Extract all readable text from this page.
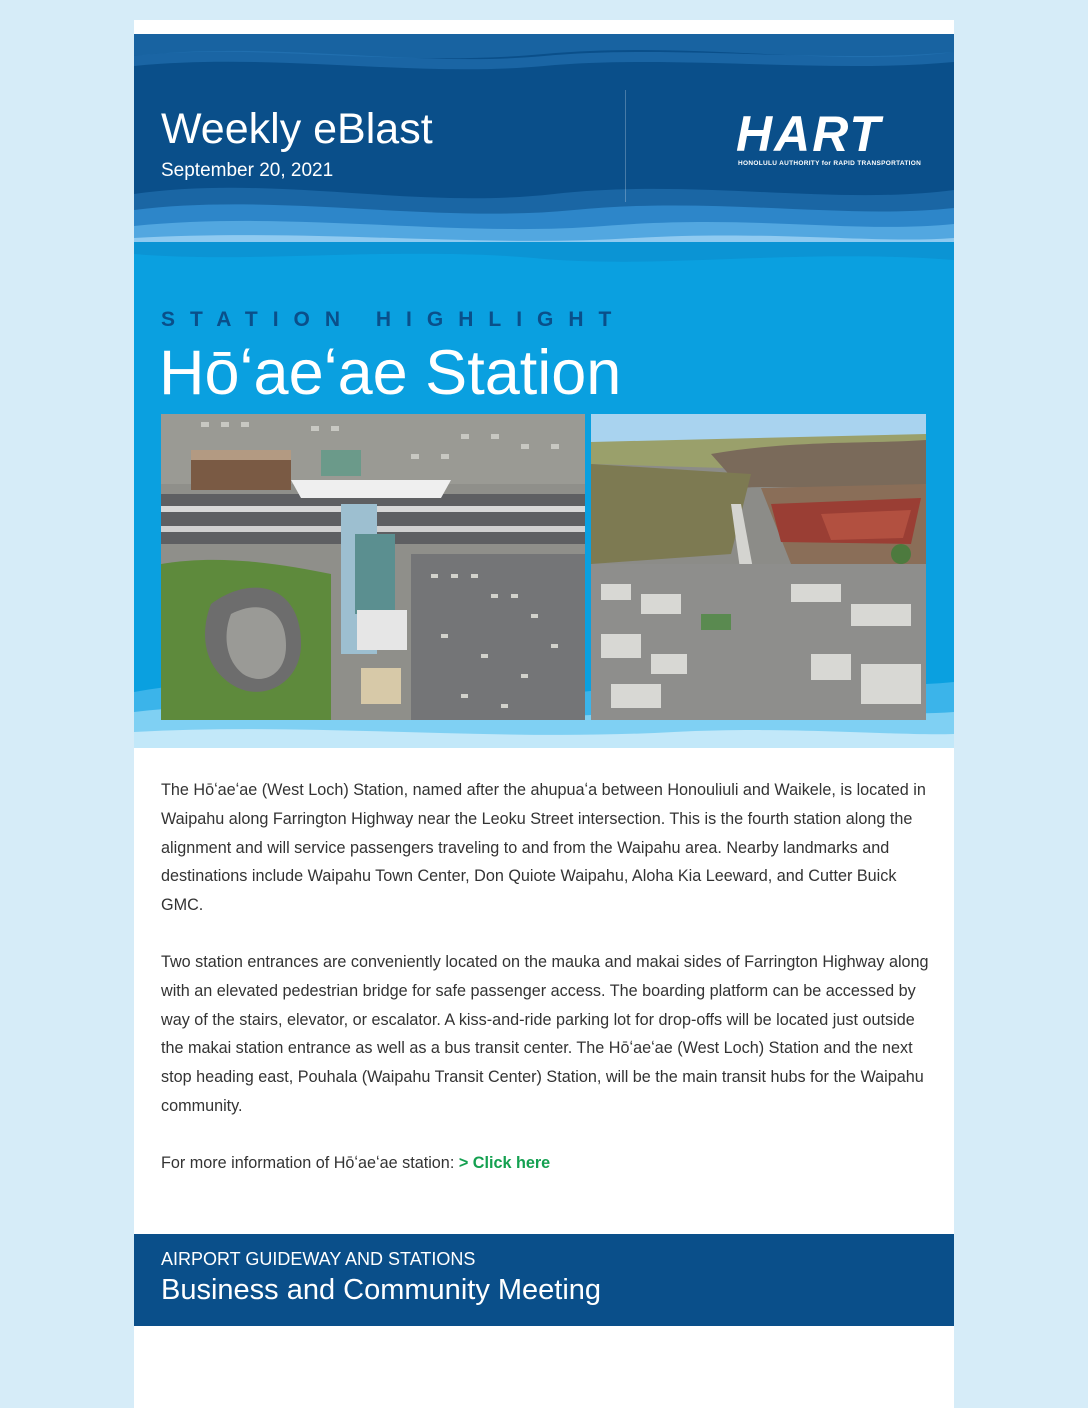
Weekly eBlast
September 20, 2021
HART
HONOLULU AUTHORITY for RAPID TRANSPORTATION
STATION HIGHLIGHT
Hōʻaeʻae Station

The Hōʻaeʻae (West Loch) Station, named after the ahupuaʻa between Honouliuli and Waikele, is located in Waipahu along Farrington Highway near the Leoku Street intersection. This is the fourth station along the alignment and will service passengers traveling to and from the Waipahu area. Nearby landmarks and destinations include Waipahu Town Center, Don Quiote Waipahu, Aloha Kia Leeward, and Cutter Buick GMC.

Two station entrances are conveniently located on the mauka and makai sides of Farrington Highway along with an elevated pedestrian bridge for safe passenger access. The boarding platform can be accessed by way of the stairs, elevator, or escalator. A kiss-and-ride parking lot for drop-offs will be located just outside the makai station entrance as well as a bus transit center. The Hōʻaeʻae (West Loch) Station and the next stop heading east, Pouhala (Waipahu Transit Center) Station, will be the main transit hubs for the Waipahu community.

For more information of Hōʻaeʻae station: > Click here

AIRPORT GUIDEWAY AND STATIONS
Business and Community Meeting
